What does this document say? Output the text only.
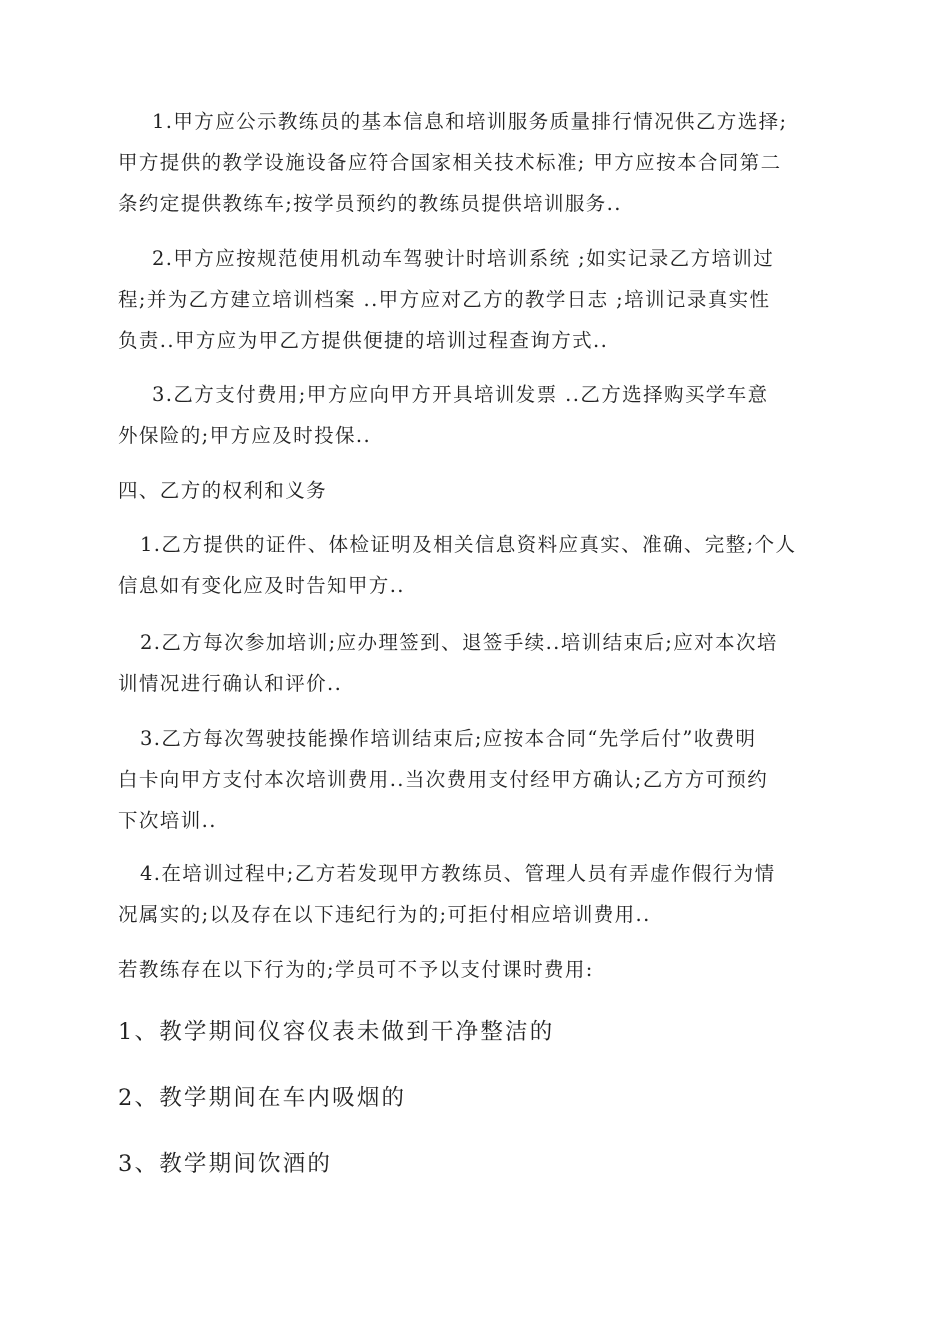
1.甲方应公示教练员的基本信息和培训服务质量排行情况供乙方选择;
甲方提供的教学设施设备应符合国家相关技术标准; 甲方应按本合同第二
条约定提供教练车;按学员预约的教练员提供培训服务..
2.甲方应按规范使用机动车驾驶计时培训系统 ;如实记录乙方培训过
程;并为乙方建立培训档案 ..甲方应对乙方的教学日志 ;培训记录真实性
负责..甲方应为甲乙方提供便捷的培训过程查询方式..
3.乙方支付费用;甲方应向甲方开具培训发票 ..乙方选择购买学车意
外保险的;甲方应及时投保..
四、乙方的权利和义务
1.乙方提供的证件、体检证明及相关信息资料应真实、准确、完整;个人
信息如有变化应及时告知甲方..
2.乙方每次参加培训;应办理签到、退签手续..培训结束后;应对本次培
训情况进行确认和评价..
3.乙方每次驾驶技能操作培训结束后;应按本合同“先学后付”收费明
白卡向甲方支付本次培训费用..当次费用支付经甲方确认;乙方方可预约
下次培训..
4.在培训过程中;乙方若发现甲方教练员、管理人员有弄虚作假行为情
况属实的;以及存在以下违纪行为的;可拒付相应培训费用..
若教练存在以下行为的;学员可不予以支付课时费用:

1、教学期间仪容仪表未做到干净整洁的

2、教学期间在车内吸烟的

3、教学期间饮酒的
